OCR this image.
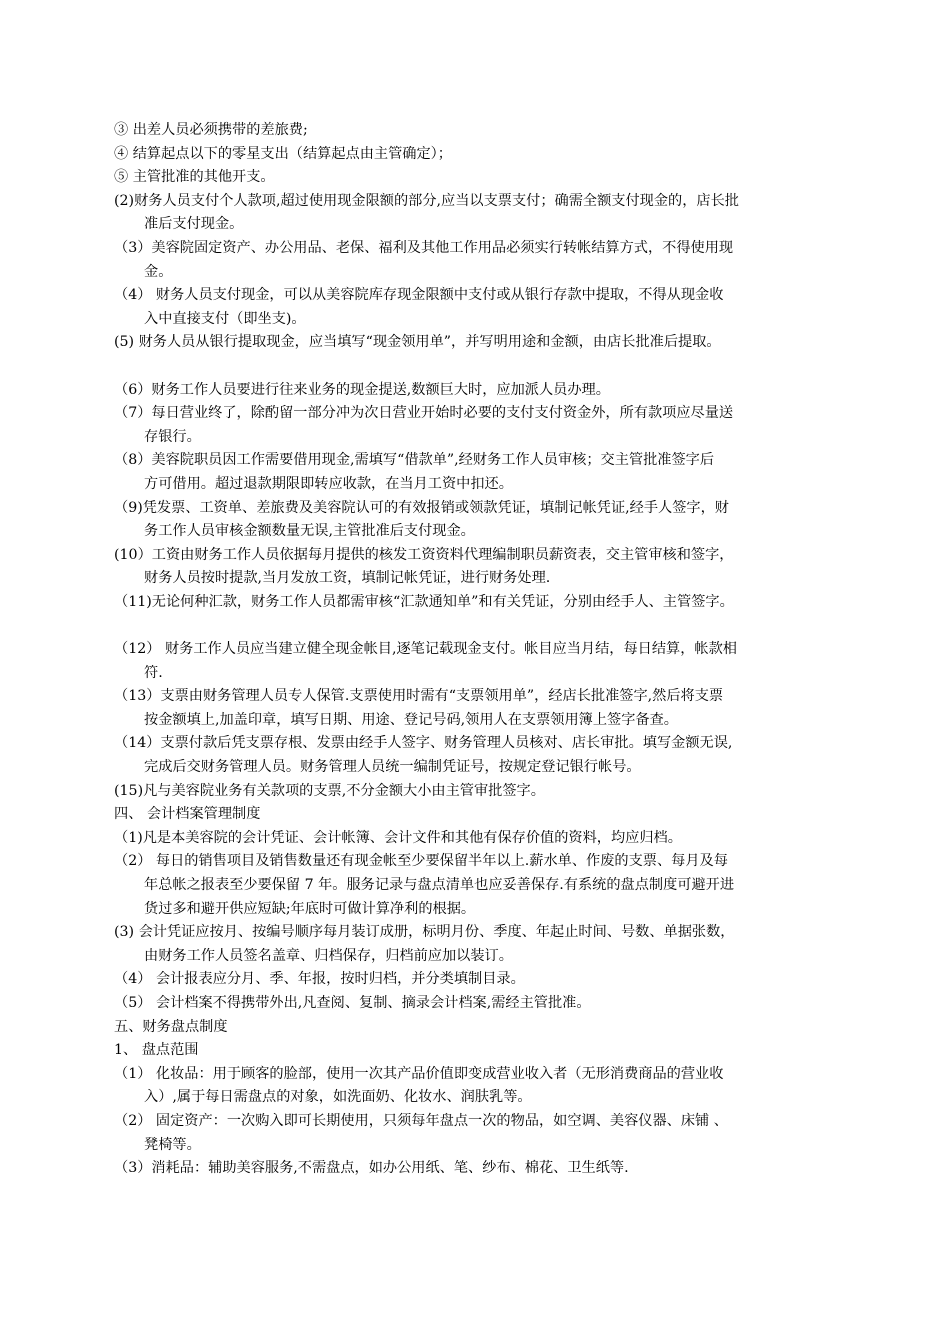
③ 出差人员必须携带的差旅费;
④ 结算起点以下的零星支出（结算起点由主管确定）；
⑤ 主管批准的其他开支。
(2)财务人员支付个人款项,超过使用现金限额的部分,应当以支票支付；确需全额支付现金的，店长批
准后支付现金。
（3）美容院固定资产、办公用品、老保、福利及其他工作用品必须实行转帐结算方式，不得使用现
金。
（4） 财务人员支付现金，可以从美容院库存现金限额中支付或从银行存款中提取，不得从现金收
入中直接支付（即坐支)。
(5) 财务人员从银行提取现金，应当填写“现金领用单”，并写明用途和金额，由店长批准后提取。
（6）财务工作人员要进行往来业务的现金提送,数额巨大时，应加派人员办理。
（7）每日营业终了，除酌留一部分冲为次日营业开始时必要的支付支付资金外，所有款项应尽量送
存银行。
（8）美容院职员因工作需要借用现金,需填写“借款单”,经财务工作人员审核；交主管批准签字后
方可借用。超过退款期限即转应收款，在当月工资中扣还。
（9)凭发票、工资单、差旅费及美容院认可的有效报销或领款凭证，填制记帐凭证,经手人签字，财
务工作人员审核金额数量无误,主管批准后支付现金。
(10）工资由财务工作人员依据每月提供的核发工资资料代理编制职员薪资表，交主管审核和签字，
财务人员按时提款,当月发放工资，填制记帐凭证，进行财务处理.
（11)无论何种汇款，财务工作人员都需审核“汇款通知单”和有关凭证，分别由经手人、主管签字。
（12） 财务工作人员应当建立健全现金帐目,逐笔记载现金支付。帐目应当月结，每日结算，帐款相
符.
（13）支票由财务管理人员专人保管.支票使用时需有“支票领用单”，经店长批准签字,然后将支票
按金额填上,加盖印章，填写日期、用途、登记号码,领用人在支票领用簿上签字备查。
（14）支票付款后凭支票存根、发票由经手人签字、财务管理人员核对、店长审批。填写金额无误,
完成后交财务管理人员。财务管理人员统一编制凭证号，按规定登记银行帐号。
(15)凡与美容院业务有关款项的支票,不分金额大小由主管审批签字。
四、 会计档案管理制度
（1)凡是本美容院的会计凭证、会计帐簿、会计文件和其他有保存价值的资料，均应归档。
（2） 每日的销售项目及销售数量还有现金帐至少要保留半年以上.薪水单、作废的支票、每月及每
年总帐之报表至少要保留 7 年。服务记录与盘点清单也应妥善保存.有系统的盘点制度可避开进
货过多和避开供应短缺;年底时可做计算净利的根据。
(3) 会计凭证应按月、按编号顺序每月装订成册，标明月份、季度、年起止时间、号数、单据张数，
由财务工作人员签名盖章、归档保存，归档前应加以装订。
（4） 会计报表应分月、季、年报，按时归档，并分类填制目录。
（5） 会计档案不得携带外出,凡查阅、复制、摘录会计档案,需经主管批准。
五、财务盘点制度
1、 盘点范围
（1） 化妆品：用于顾客的脸部，使用一次其产品价值即变成营业收入者（无形消费商品的营业收
入）,属于每日需盘点的对象，如洗面奶、化妆水、润肤乳等。
（2） 固定资产：一次购入即可长期使用，只须每年盘点一次的物品，如空调、美容仪器、床铺 、
凳椅等。
（3）消耗品：辅助美容服务,不需盘点，如办公用纸、笔、纱布、棉花、卫生纸等.
